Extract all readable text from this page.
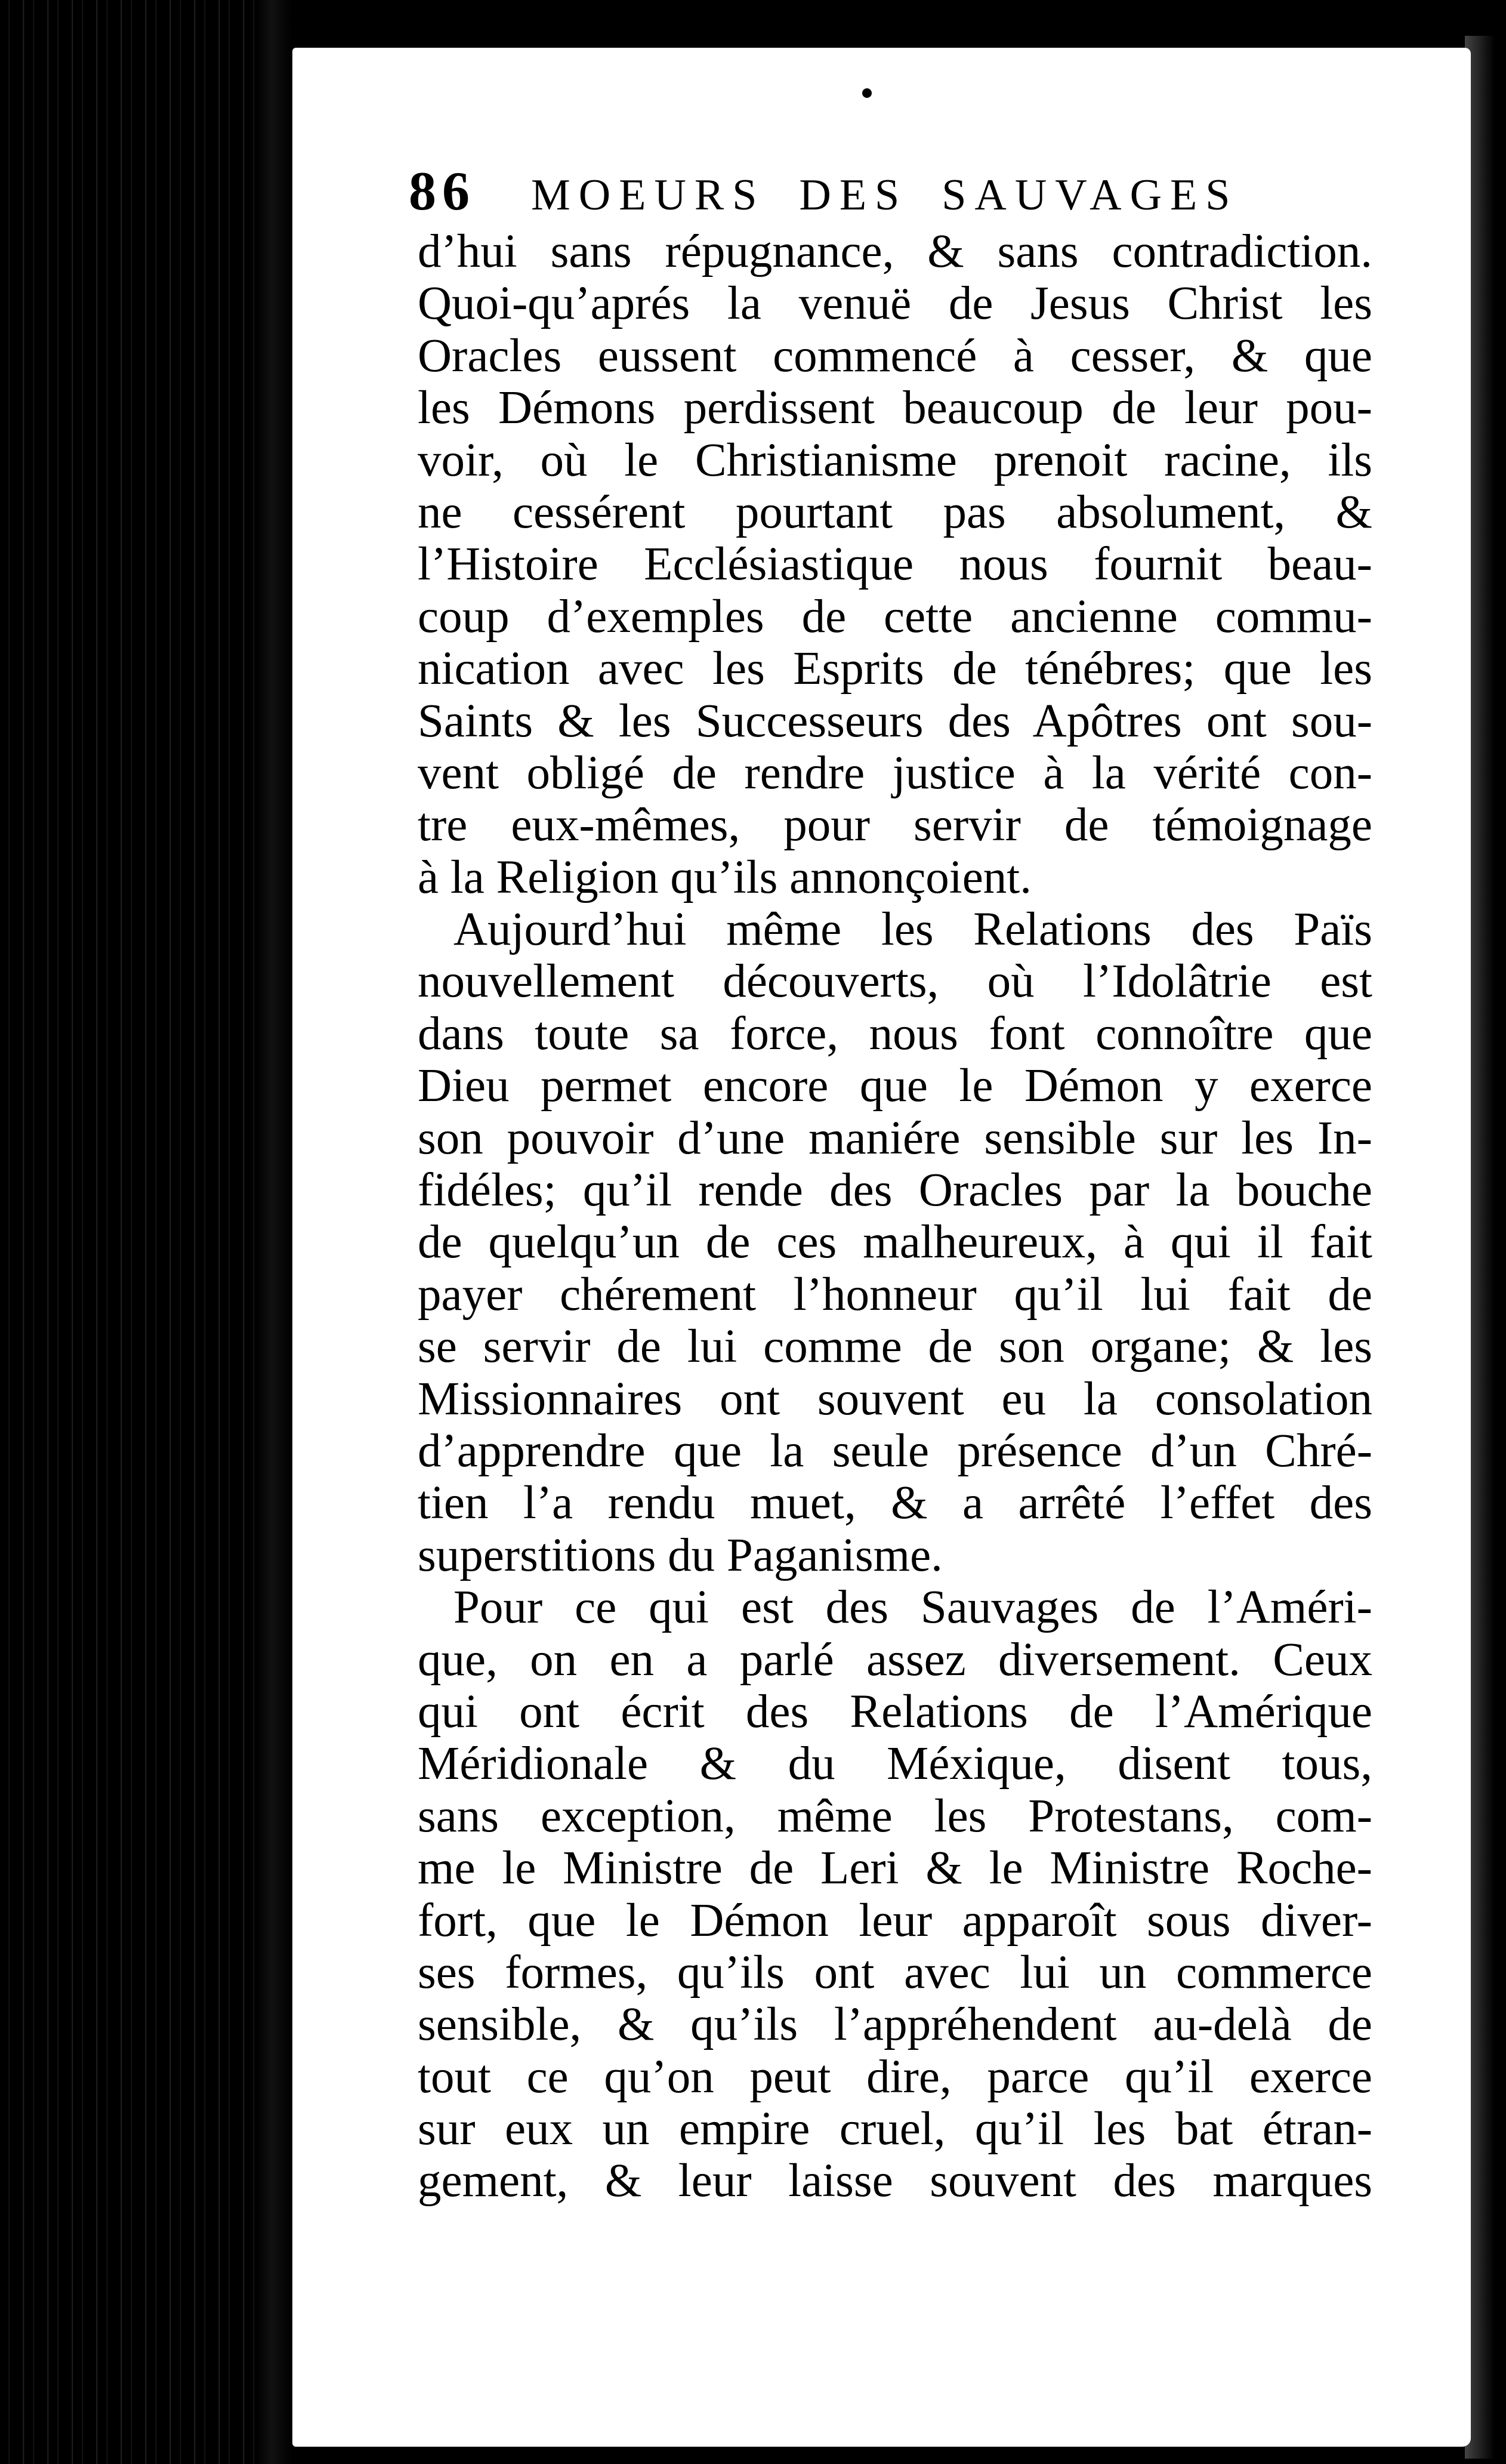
86 MOEURS DES SAUVAGES
d’hui sans répugnance, & sans contradiction.
Quoi-qu’aprés la venuë de Jesus Christ les
Oracles eussent commencé à cesser, & que
les Démons perdissent beaucoup de leur pou-
voir, où le Christianisme prenoit racine, ils
ne cessérent pourtant pas absolument, &
l’Histoire Ecclésiastique nous fournit beau-
coup d’exemples de cette ancienne commu-
nication avec les Esprits de ténébres; que les
Saints & les Successeurs des Apôtres ont sou-
vent obligé de rendre justice à la vérité con-
tre eux-mêmes, pour servir de témoignage
à la Religion qu’ils annonçoient.
Aujourd’hui même les Relations des Païs
nouvellement découverts, où l’Idolâtrie est
dans toute sa force, nous font connoître que
Dieu permet encore que le Démon y exerce
son pouvoir d’une maniére sensible sur les In-
fidéles; qu’il rende des Oracles par la bouche
de quelqu’un de ces malheureux, à qui il fait
payer chérement l’honneur qu’il lui fait de
se servir de lui comme de son organe; & les
Missionnaires ont souvent eu la consolation
d’apprendre que la seule présence d’un Chré-
tien l’a rendu muet, & a arrêté l’effet des
superstitions du Paganisme.
Pour ce qui est des Sauvages de l’Améri-
que, on en a parlé assez diversement. Ceux
qui ont écrit des Relations de l’Amérique
Méridionale & du Méxique, disent tous,
sans exception, même les Protestans, com-
me le Ministre de Leri & le Ministre Roche-
fort, que le Démon leur apparoît sous diver-
ses formes, qu’ils ont avec lui un commerce
sensible, & qu’ils l’appréhendent au-delà de
tout ce qu’on peut dire, parce qu’il exerce
sur eux un empire cruel, qu’il les bat étran-
gement, & leur laisse souvent des marques
